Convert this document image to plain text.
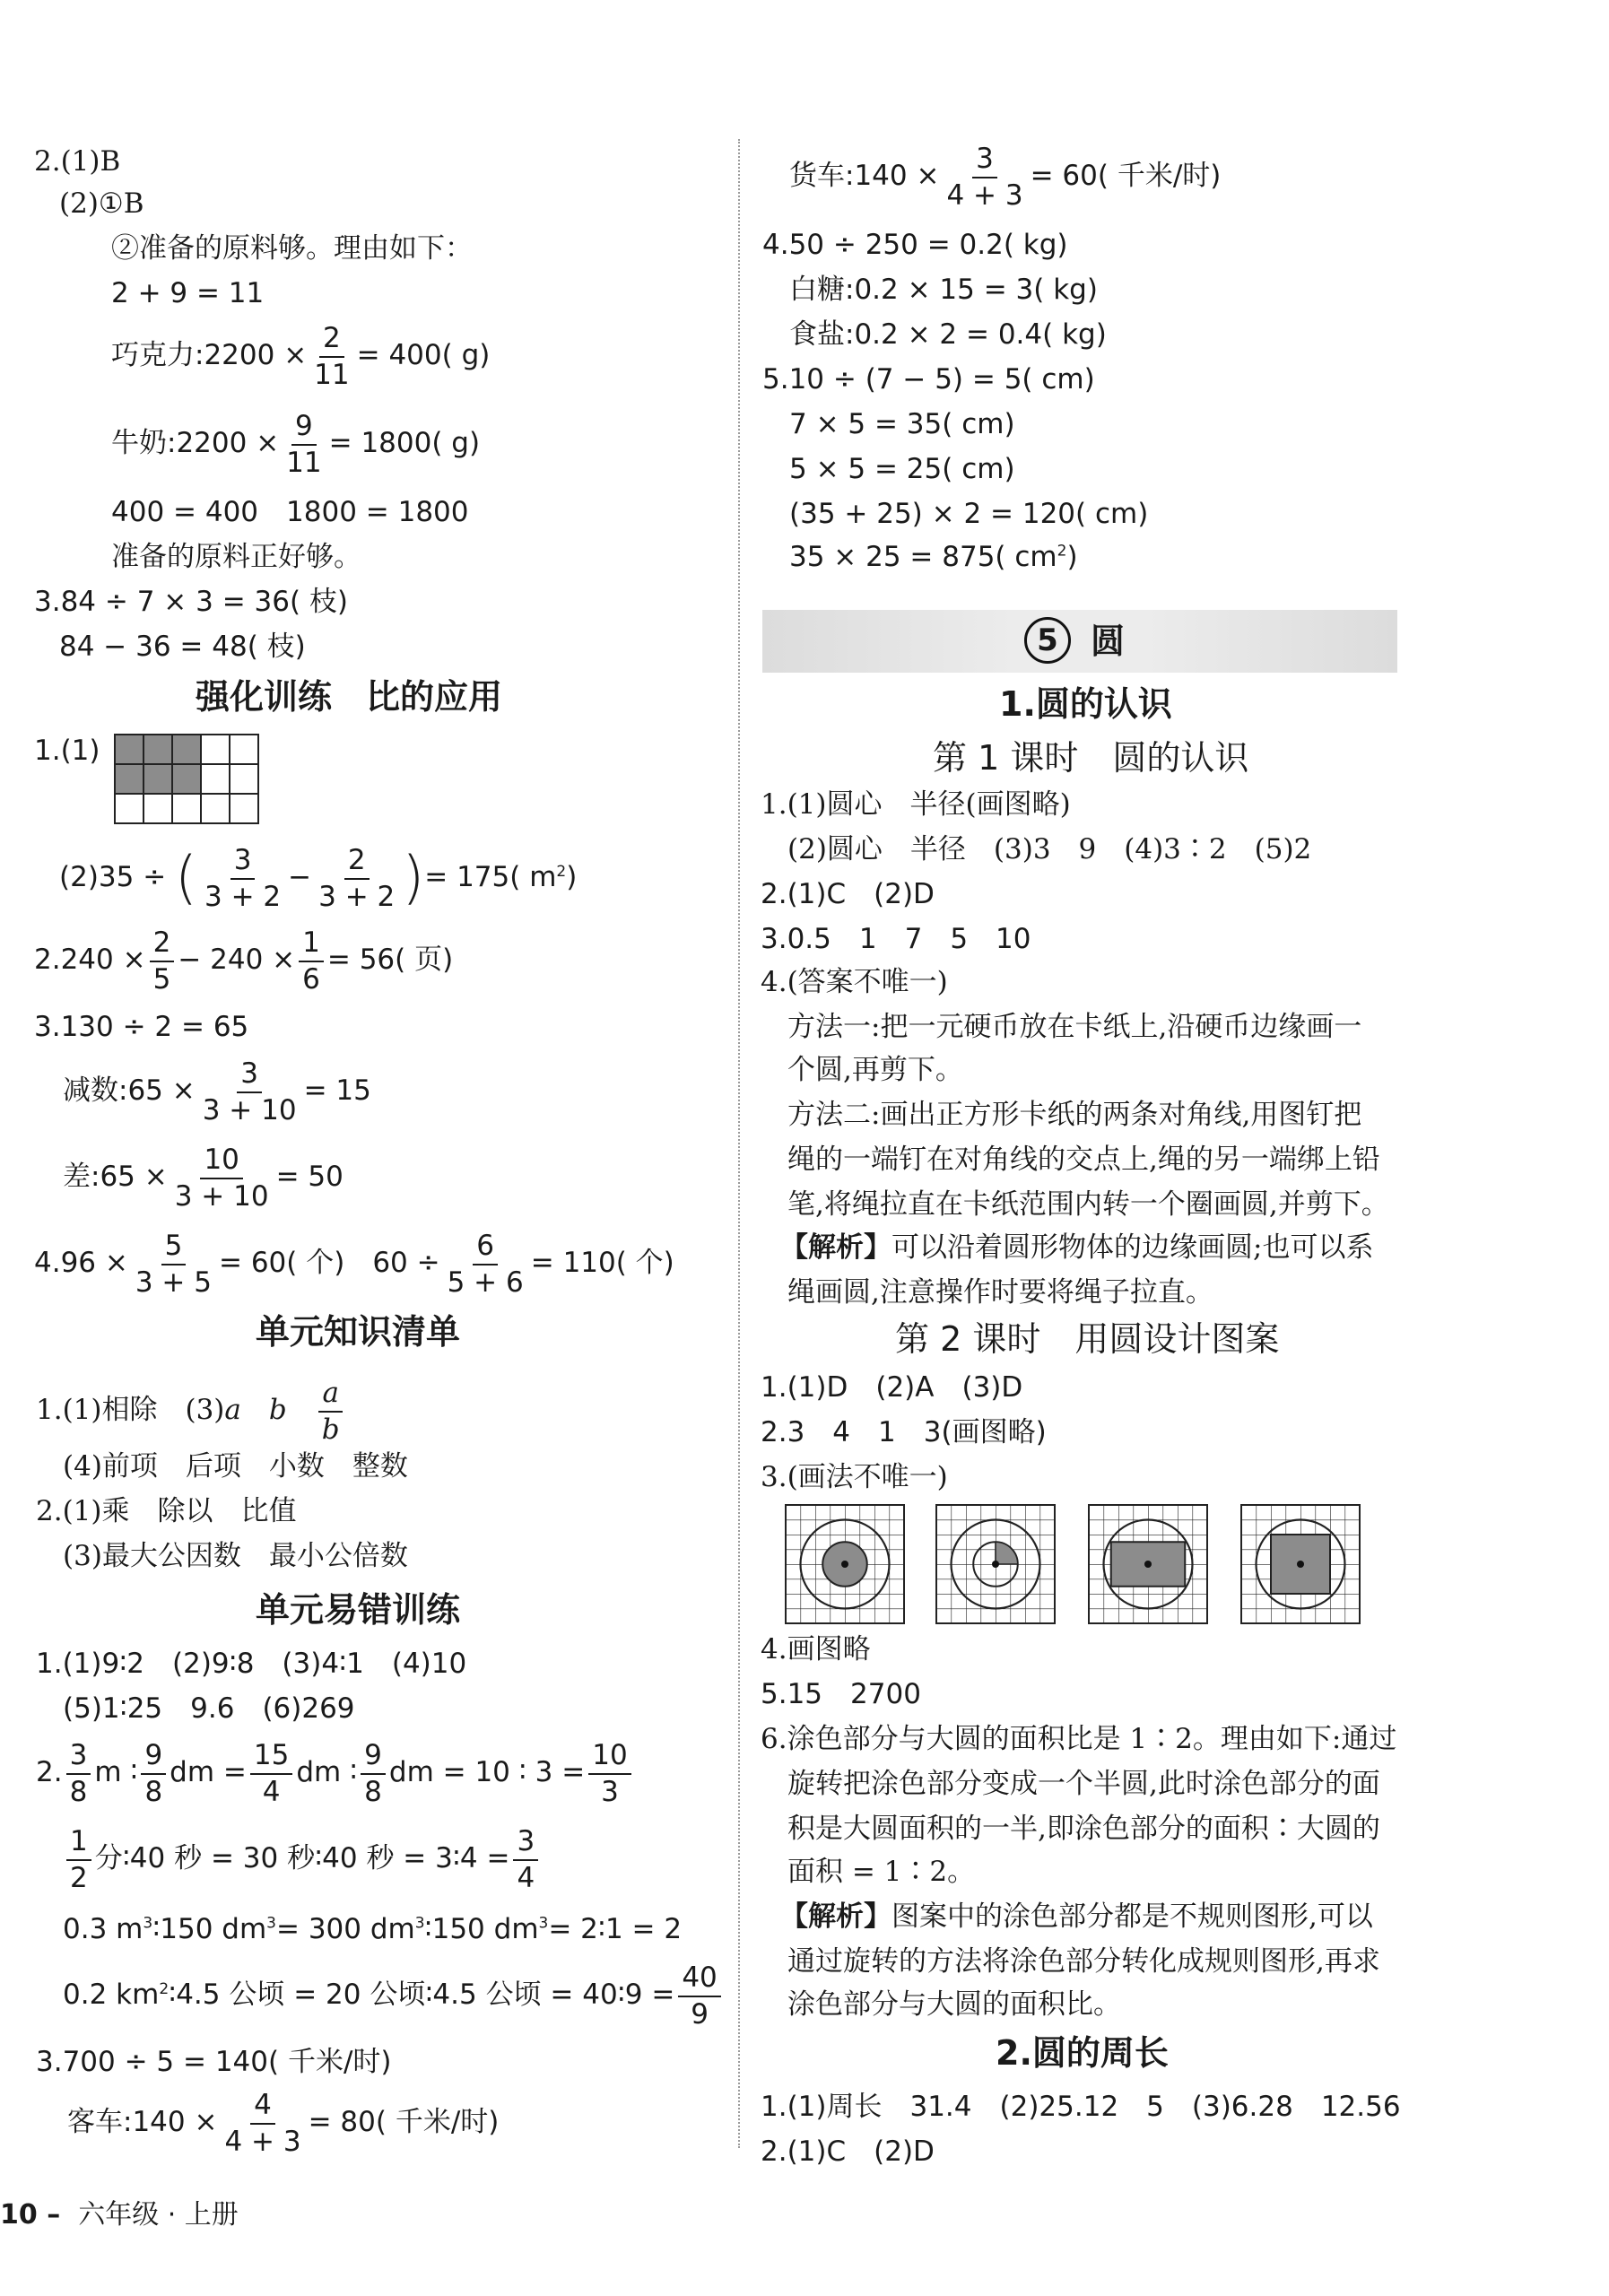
2.(1)B
(2)①B
②准备的原料够。理由如下：
2 + 9 = 11
巧克力:2200 × $\frac{2}{11} = 400$( g)
牛奶:2200 × $\frac{9}{11} = 1800$( g)
400 = 400　1800 = 1800
准备的原料正好够。
3.84 ÷ 7 × 3 = 36( 枝)
84 − 36 = 48( 枝)
强化训练　比的应用
1.(1)
(2)35 ÷ ( $\frac{3}{3 + 2} - \frac{2}{3 + 2}$ )= 175( $m^2$)
$2.240 \times \frac{2}{5} - 240 \times \frac{1}{6} = 56$( 页)
3.130 ÷ 2 = 65
减数:65 × $\frac{3}{3 + 10} = 15$
差:65 × $\frac{10}{3 + 10} = 50$
$4.96 \times \frac{5}{3 + 5} = 60$( 个)　$60 \div \frac{6}{5 + 6} = 110$( 个)
单元知识清单
1.(1)相除　(3)a　 b　 $\frac{a}{b}$
(4)前项　后项　小数　整数
2.(1)乘　除以　比值
(3)最大公因数　最小公倍数
单元易错训练
1.(1)9∶2　(2)9∶8　(3)4∶1　(4)10
(5)1∶25　9.6　(6)269
2. $\frac{3}{8}$ m ∶ $\frac{9}{8}$ dm = $\frac{15}{4}$ dm ∶ $\frac{9}{8}$ dm = 10 ∶ $3 = \frac{10}{3}$
$\frac{1}{2}$ 分∶40 秒 = 30 秒∶40 秒 = 3∶4 = $\frac{3}{4}$
0.3 $m^3∶150$ $dm^3= 300$ $dm^3∶150$ $dm^3=$ 2∶1 = 2
0.2 $km^2∶4.5$ 公顷 = 20 公顷∶4.5 公顷 = 40∶9 = $\frac{40}{9}$
3.700 ÷ 5 = 140( 千米/时)
客车:140 × $\frac{4}{4 + 3} = 80$( 千米/时)
货车:140 × $\frac{3}{4 + 3} = 60$( 千米/时)
4.50 ÷ 250 = 0.2( kg)
白糖:0.2 × 15 = 3( kg)
食盐:0.2 × 2 = 0.4( kg)
5.10 ÷ (7 − 5) = 5( cm)
7 × 5 = 35( cm)
5 × 5 = 25( cm)
(35 + 25) × 2 = 120( cm)
35 × 25 = 875( $cm^2$)
5 圆
1.圆的认识
第 1 课时　圆的认识
1.(1)圆心　半径(画图略)
(2)圆心　半径　(3)3　9　(4)3∶2　(5)2
2.(1)C　(2)D
3.0.5　1　7　5　10
4.(答案不唯一)
方法一:把一元硬币放在卡纸上,沿硬币边缘画一
个圆,再剪下。
方法二:画出正方形卡纸的两条对角线,用图钉把
绳的一端钉在对角线的交点上,绳的另一端绑上铅
笔,将绳拉直在卡纸范围内转一个圈画圆,并剪下。
【解析】可以沿着圆形物体的边缘画圆;也可以系
绳画圆,注意操作时要将绳子拉直。
第 2 课时　用圆设计图案
1.(1)D　(2)A　(3)D
2.3　4　1　3(画图略)
3.(画法不唯一)
4.画图略
5.15　2700
6.涂色部分与大圆的面积比是 1∶2。理由如下:通过
旋转把涂色部分变成一个半圆,此时涂色部分的面
积是大圆面积的一半,即涂色部分的面积∶大圆的
面积 = 1∶2。
【解析】图案中的涂色部分都是不规则图形,可以
通过旋转的方法将涂色部分转化成规则图形,再求
涂色部分与大圆的面积比。
2.圆的周长
1.(1)周长　31.4　(2)25.12　5　(3)6.28　12.56
2.(1)C　(2)D
10 – 六年级 · 上册
